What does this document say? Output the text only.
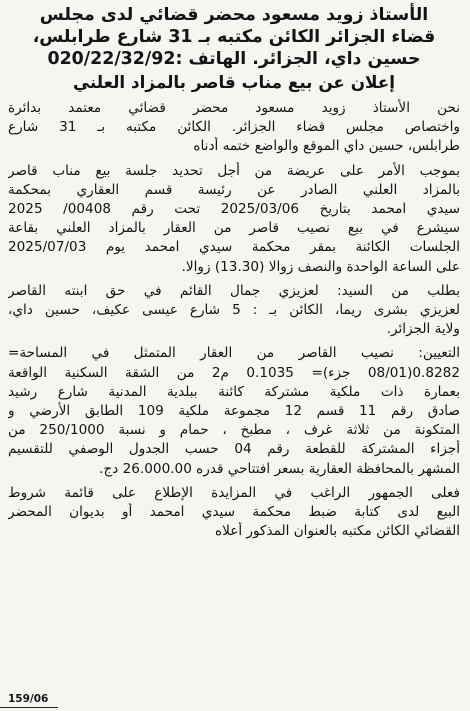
الأستاذ زويد مسعود محضر قضائي لدى مجلس
قضاء الجزائر الكائن مكتبه بـ 31 شارع طرابلس،
حسين داي، الجزائر. الهاتف :020/22/32/92
إعلان عن بيع مناب قاصر بالمزاد العلني
نحن الأستاذ زويد مسعود محضر قضائي معتمد بدائرة
واختصاص مجلس قضاء الجزائر. الكائن مكتبه بـ 31 شارع
طرابلس، حسين داي الموقع والواضع ختمه أدناه
بموجب الأمر على عريضة من أجل تحديد جلسة بيع مناب قاصر
بالمزاد العلني الصادر عن رئيسة قسم العقاري بمحكمة
سيدي امحمد بتاريخ 2025/03/06 تحت رقم 00408/ 2025
سيشرع في بيع نصيب قاصر من العقار بالمزاد العلني بقاعة
الجلسات الكائنة بمقر محكمة سيدي امحمد يوم 2025/07/03
على الساعة الواحدة والنصف زوالا (13.30) زوالا.
بطلب من السيد: لعزيزي جمال القائم في حق ابنته القاصر
لعزيزي بشرى ريما، الكائن بـ : 5 شارع عيسى عكيف، حسين داي،
ولاية الجزائر.
التعيين: نصيب القاصر من العقار المتمثل في المساحة=
0.8282(08/01 جزء)= 0.1035 م2 من الشقة السكنية الواقعة
بعمارة ذات ملكية مشتركة كائنة ببلدية المدنية شارع رشيد
صادق رقم 11 قسم 12 مجموعة ملكية 109 الطابق الأرضي و
المتكونة من ثلاثة غرف ، مطبخ ، حمام و نسبة 250/1000 من
أجزاء المشتركة للقطعة رقم 04 حسب الجدول الوصفي للتقسيم
المشهر بالمحافظة العقارية بسعر افتتاحي قدره 26.000.00 دج.
فعلى الجمهور الراغب في المزايدة الإطلاع على قائمة شروط
البيع لدى كتابة ضبط محكمة سيدي امحمد أو بديوان المحضر
القضائي الكائن مكتبه بالعنوان المذكور أعلاه
159/06
